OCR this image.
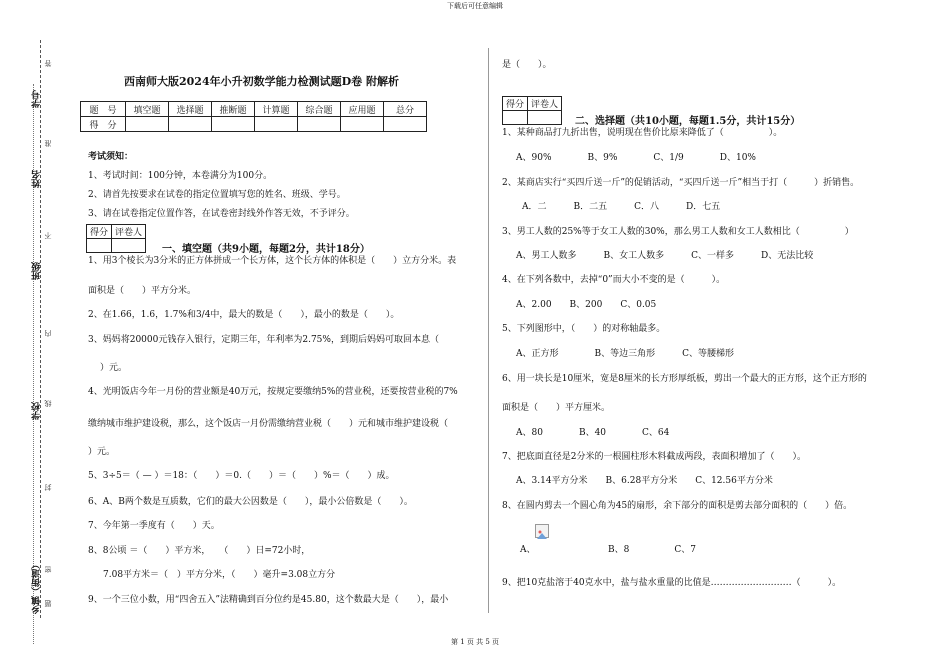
下载后可任意编辑
第 1 页 共 5 页
学号
姓名
班级
学校
乡镇（街道）
答
准
不
内
线
封
密
题
西南师大版2024年小升初数学能力检测试题D卷 附解析
题　号	填空题	选择题	推断题	计算题	综合题	应用题	总分
得　分							
考试须知：
1、考试时间：100分钟，本卷满分为100分。
2、请首先按要求在试卷的指定位置填写您的姓名、班级、学号。
3、请在试卷指定位置作答，在试卷密封线外作答无效，不予评分。
得分	评卷人

一、填空题（共9小题，每题2分，共计18分）
1、用3个棱长为3分米的正方体拼成一个长方体，这个长方体的体积是（　　）立方分米。表
面积是（　　）平方分米。
2、在1.66，1.6，1.7%和3/4中，最大的数是（　　），最小的数是（　　）。
3、妈妈将20000元钱存入银行，定期三年，年利率为2.75%，到期后妈妈可取回本息（　　
）元。
4、光明饭店今年一月份的营业额是40万元，按规定要缴纳5%的营业税，还要按营业税的7%
缴纳城市维护建设税，那么，这个饭店一月份需缴纳营业税（　　）元和城市维护建设税（
）元。
5、3÷5＝（ — ）＝18：（　　）＝0.（　　）＝（　　）%＝（　　）成。
6、A、B两个数是互质数，它们的最大公因数是（　　），最小公倍数是（　　）。
7、今年第一季度有（　　）天。
8、8公顷 ＝（　　）平方米，　　（　　）日=72小时，
7.08平方米＝（　）平方分米，（　　）毫升=3.08立方分
9、一个三位小数，用“四舍五入”法精确到百分位约是45.80，这个数最大是（　　），最小
是（　　）。
得分	评卷人

二、选择题（共10小题，每题1.5分，共计15分）
1、某种商品打九折出售，说明现在售价比原来降低了（　　　　　）。
A、90%　　　　B、9%　　　　C、1/9　　　　D、10%
2、某商店实行“买四斤送一斤”的促销活动，“买四斤送一斤”相当于打（　　　）折销售。
A．二　　　B．二五　　　C．八　　　D．七五
3、男工人数的25%等于女工人数的30%，那么男工人数和女工人数相比（　　　　　）
A、男工人数多　　　B、女工人数多　　　C、一样多　　　D、无法比较
4、在下列各数中，去掉“0”而大小不变的是（　　　）。
A、2.00　　B、200　　C、0.05
5、下列图形中，（　　）的对称轴最多。
A、正方形　　　　B、等边三角形　　　C、等腰梯形
6、用一块长是10厘米，宽是8厘米的长方形厚纸板，剪出一个最大的正方形，这个正方形的
面积是（　　）平方厘米。
A、80　　　　B、40　　　　C、64
7、把底面直径是2分米的一根圆柱形木料截成两段，表面积增加了（　　）。
A、3.14平方分米　　B、6.28平方分米　　C、12.56平方分米
8、在圆内剪去一个圆心角为45的扇形，余下部分的面积是剪去部分面积的（　　）倍。
A、	B、8　　　　　C、7
9、把10克盐溶于40克水中，盐与盐水重量的比值是………………………（　　　）。
